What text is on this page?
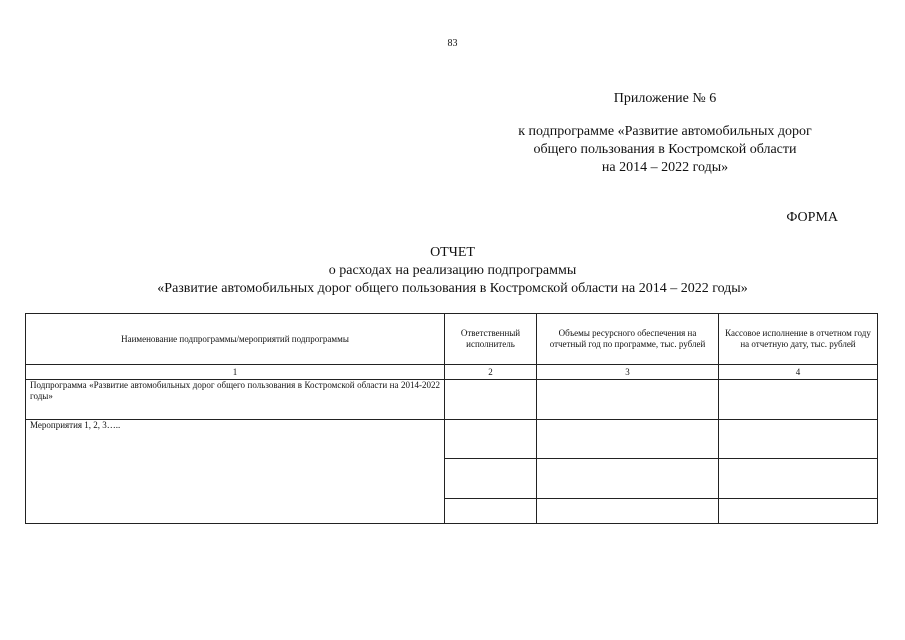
83
Приложение № 6
к подпрограмме «Развитие автомобильных дорог
общего пользования в Костромской области
на 2014 – 2022 годы»
ФОРМА
ОТЧЕТ
о расходах на реализацию подпрограммы
«Развитие автомобильных дорог общего пользования в Костромской области на 2014 – 2022 годы»
Наименование подпрограммы/мероприятий подпрограммы	Ответственный исполнитель	Объемы ресурсного обеспечения на отчетный год по программе, тыс. рублей	Кассовое исполнение в отчетном году на отчетную дату, тыс. рублей
1	2	3	4
Подпрограмма «Развитие автомобильных дорог общего пользования в Костромской области на 2014-2022 годы»			
Мероприятия 1, 2, 3…..			
